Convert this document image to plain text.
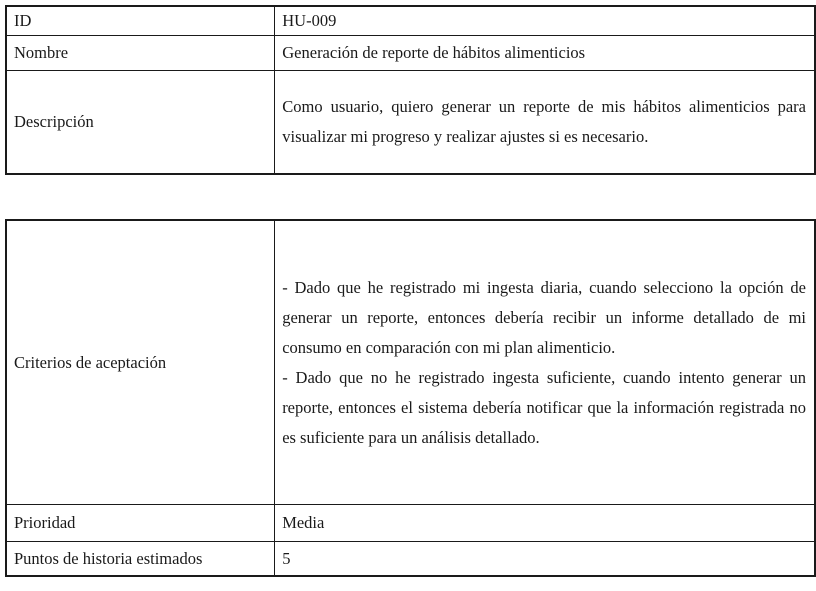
ID	HU-009
Nombre	Generación de reporte de hábitos alimenticios
Descripción	Como usuario, quiero generar un reporte de mis hábitos alimenticios para visualizar mi progreso y realizar ajustes si es necesario.
Criterios de aceptación	- Dado que he registrado mi ingesta diaria, cuando selecciono la opción de generar un reporte, entonces debería recibir un informe detallado de mi consumo en comparación con mi plan alimenticio.
- Dado que no he registrado ingesta suficiente, cuando intento generar un reporte, entonces el sistema debería notificar que la información registrada no es suficiente para un análisis detallado.

Prioridad	Media
Puntos de historia estimados	5
